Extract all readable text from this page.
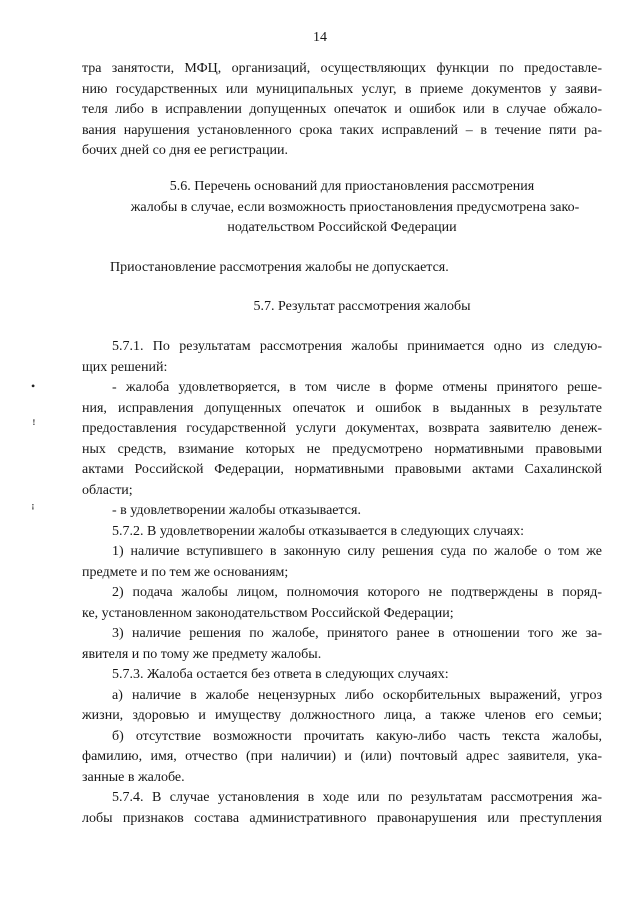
14
тра занятости, МФЦ, организаций, осуществляющих функции по предоставле-
нию государственных или муниципальных услуг, в приеме документов у заяви-
теля либо в исправлении допущенных опечаток и ошибок или в случае обжало-
вания нарушения установленного срока таких исправлений – в течение пяти ра-
бочих дней со дня ее регистрации.
5.6. Перечень оснований для приостановления рассмотрения
жалобы в случае, если возможность приостановления предусмотрена зако-
нодательством Российской Федерации
Приостановление рассмотрения жалобы не допускается.
5.7. Результат рассмотрения жалобы
5.7.1. По результатам рассмотрения жалобы принимается одно из следую-
щих решений:
- жалоба удовлетворяется, в том числе в форме отмены принятого реше-
ния, исправления допущенных опечаток и ошибок в выданных в результате
предоставления государственной услуги документах, возврата заявителю денеж-
ных средств, взимание которых не предусмотрено нормативными правовыми
актами Российской Федерации, нормативными правовыми актами Сахалинской
области;
- в удовлетворении жалобы отказывается.
5.7.2. В удовлетворении жалобы отказывается в следующих случаях:
1) наличие вступившего в законную силу решения суда по жалобе о том же
предмете и по тем же основаниям;
2) подача жалобы лицом, полномочия которого не подтверждены в поряд-
ке, установленном законодательством Российской Федерации;
3) наличие решения по жалобе, принятого ранее в отношении того же за-
явителя и по тому же предмету жалобы.
5.7.3. Жалоба остается без ответа в следующих случаях:
а) наличие в жалобе нецензурных либо оскорбительных выражений, угроз
жизни, здоровью и имуществу должностного лица, а также членов его семьи;
б) отсутствие возможности прочитать какую-либо часть текста жалобы,
фамилию, имя, отчество (при наличии) и (или) почтовый адрес заявителя, ука-
занные в жалобе.
5.7.4. В случае установления в ходе или по результатам рассмотрения жа-
лобы признаков состава административного правонарушения или преступления
•
ꜝ
ꜟ
